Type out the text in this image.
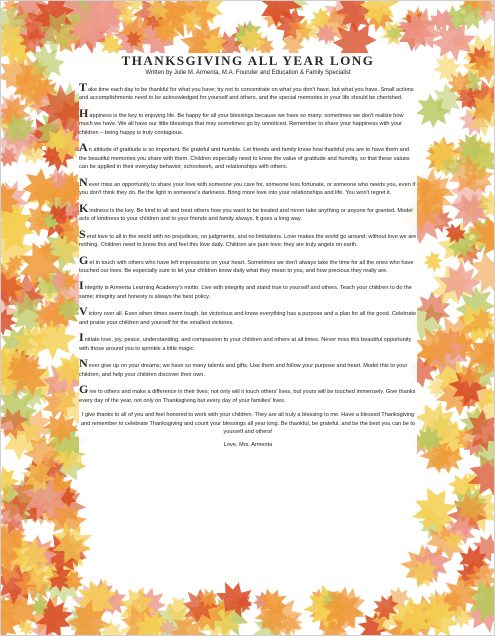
THANKSGIVING ALL YEAR LONG

Written by Julie M. Armenta, M.A. Founder and Education & Family Specialist

Take time each day to be thankful for what you have; try not to concentrate on what you don't have, but what you have. Small actions and accomplishments need to be acknowledged for yourself and others, and the special memories in your life should be cherished.

Happiness is the key to enjoying life. Be happy for all your blessings because we have so many; sometimes we don't realize how much we have. We all have our little blessings that may sometimes go by unnoticed. Remember to share your happiness with your children – being happy is truly contagious.

An attitude of gratitude is so important. Be grateful and humble. Let friends and family know how thankful you are to have them and the beautiful memories you share with them. Children especially need to know the value of gratitude and humility, so that these values can be applied in their everyday behavior, schoolwork, and relationships with others.

Never miss an opportunity to share your love with someone you care for, someone less fortunate, or someone who needs you, even if you don't think they do. Be the light in someone's darkness. Bring more love into your relationships and life. You won't regret it.

Kindness is the key. Be kind to all and treat others how you want to be treated and never take anything or anyone for granted. Model acts of kindness to your children and to your friends and family always. It goes a long way.

Send love to all in the world with no prejudices, no judgments, and no limitations. Love makes the world go around; without love we are nothing. Children need to know this and feel this love daily. Children are pure love; they are truly angels on earth.

Get in touch with others who have left impressions on your heart. Sometimes we don't always take the time for all the ones who have touched our lives. Be especially sure to let your children know daily what they mean to you, and how precious they really are.

Integrity is Armenta Learning Academy's motto. Live with integrity and stand true to yourself and others. Teach your children to do the same; integrity and honesty is always the best policy.

Victory over all. Even when times seem tough, be victorious and know everything has a purpose and a plan for all the good. Celebrate and praise your children and yourself for the smallest victories.

Initiate love, joy, peace, understanding, and compassion to your children and others at all times. Never miss this beautiful opportunity with those around you to sprinkle a little magic.

Never give up on your dreams; we have so many talents and gifts. Use them and follow your purpose and heart. Model this to your children, and help your children discover their own.

Give to others and make a difference in their lives; not only will it touch others' lives, but yours will be touched immensely. Give thanks every day of the year, not only on Thanksgiving but every day of your families' lives.

I give thanks to all of you and feel honored to work with your children. They are all truly a blessing to me. Have a blessed Thanksgiving and remember to celebrate Thanksgiving and count your blessings all year long. Be thankful, be grateful, and be the best you can be to yourself and others!

Love, Mrs. Armenta
